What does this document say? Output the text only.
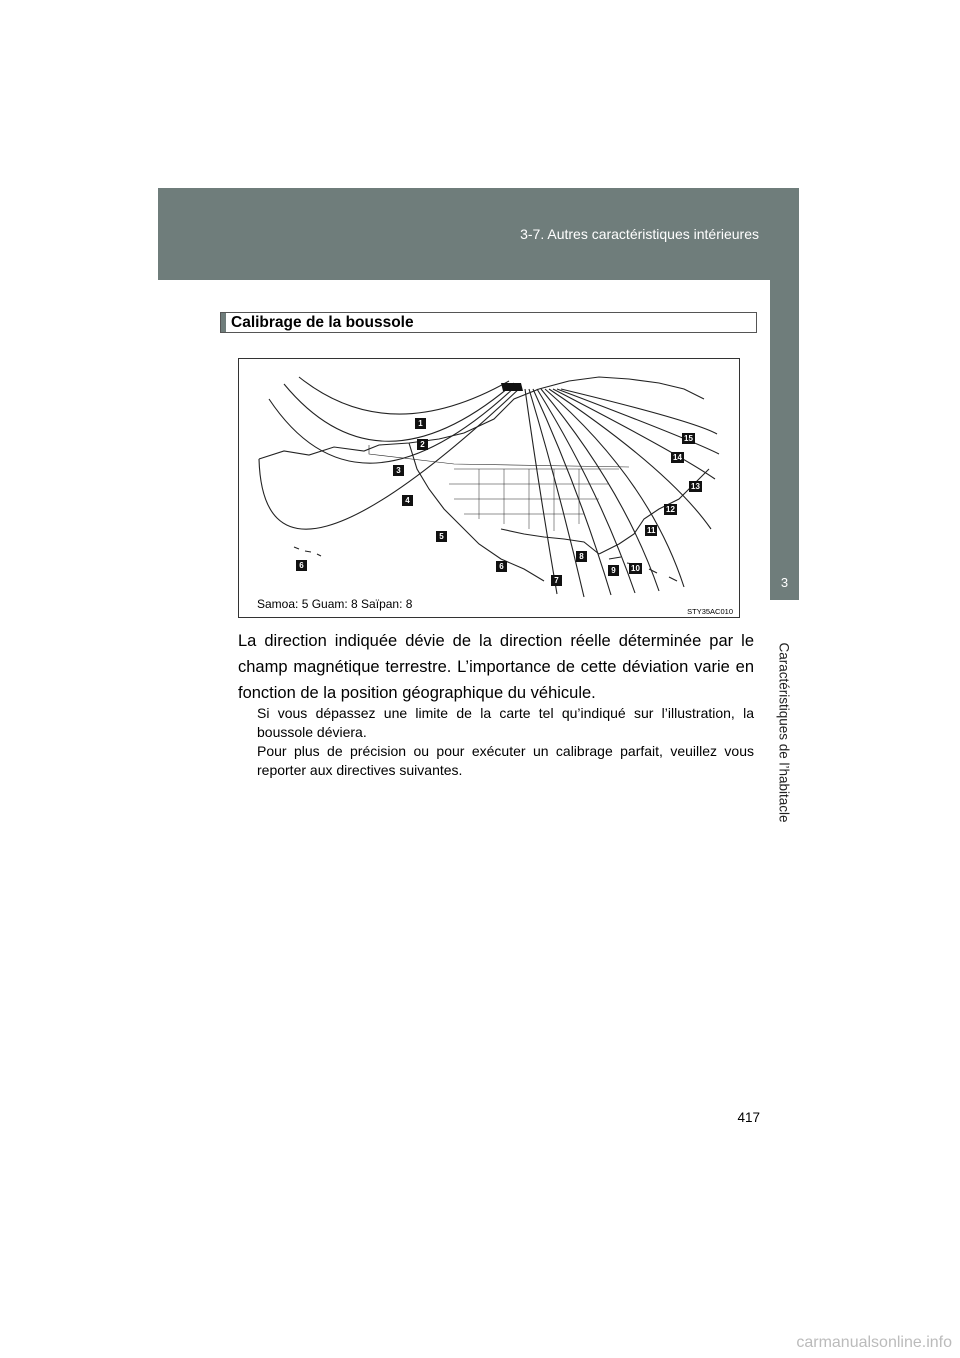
3-7. Autres caractéristiques intérieures
3
Caractéristiques de l’habitacle
Calibrage de la boussole
1
2
3
4
5
6	6
7
8
9	10
11
12
13
14
15
Samoa: 5 Guam: 8 Saïpan: 8
STY35AC010
La direction indiquée dévie de la direction réelle déterminée par le champ magnétique terrestre. L’importance de cette déviation varie en fonction de la position géographique du véhicule.
Si vous dépassez une limite de la carte tel qu’indiqué sur l’illustration, la boussole déviera.
Pour plus de précision ou pour exécuter un calibrage parfait, veuillez vous reporter aux directives suivantes.
417
carmanualsonline.info
